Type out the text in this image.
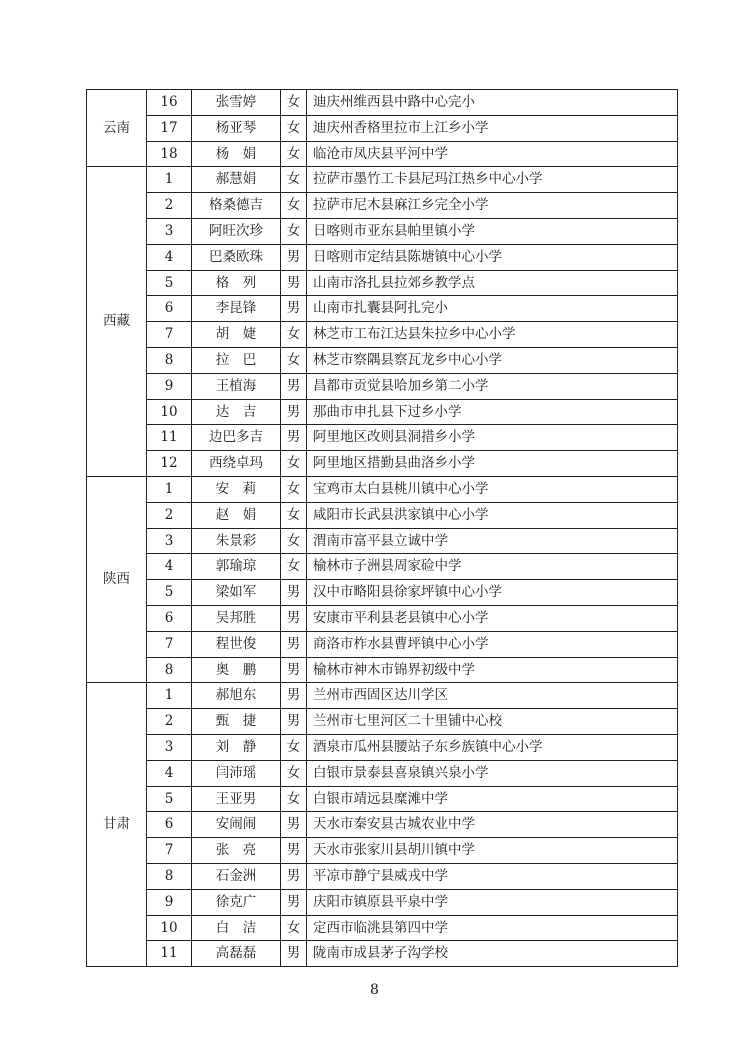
云南	16	张雪婷	女	迪庆州维西县中路中心完小
	17	杨亚琴	女	迪庆州香格里拉市上江乡小学
	18	杨　娟	女	临沧市凤庆县平河中学
西藏	1	郝慧娟	女	拉萨市墨竹工卡县尼玛江热乡中心小学
	2	格桑德吉	女	拉萨市尼木县麻江乡完全小学
	3	阿旺次珍	女	日喀则市亚东县帕里镇小学
	4	巴桑欧珠	男	日喀则市定结县陈塘镇中心小学
	5	格　列	男	山南市洛扎县拉郊乡教学点
	6	李昆锋	男	山南市扎囊县阿扎完小
	7	胡　婕	女	林芝市工布江达县朱拉乡中心小学
	8	拉　巴	女	林芝市察隅县察瓦龙乡中心小学
	9	王植海	男	昌都市贡觉县哈加乡第二小学
	10	达　吉	男	那曲市申扎县下过乡小学
	11	边巴多吉	男	阿里地区改则县洞措乡小学
	12	西绕卓玛	女	阿里地区措勤县曲洛乡小学
陕西	1	安　莉	女	宝鸡市太白县桃川镇中心小学
	2	赵　娟	女	咸阳市长武县洪家镇中心小学
	3	朱景彩	女	渭南市富平县立诚中学
	4	郭瑜琼	女	榆林市子洲县周家硷中学
	5	梁如军	男	汉中市略阳县徐家坪镇中心小学
	6	吴邦胜	男	安康市平利县老县镇中心小学
	7	程世俊	男	商洛市柞水县曹坪镇中心小学
	8	奥　鹏	男	榆林市神木市锦界初级中学
甘肃	1	郝旭东	男	兰州市西固区达川学区
	2	甄　捷	男	兰州市七里河区二十里铺中心校
	3	刘　静	女	酒泉市瓜州县腰站子东乡族镇中心小学
	4	闫沛瑶	女	白银市景泰县喜泉镇兴泉小学
	5	王亚男	女	白银市靖远县糜滩中学
	6	安闹闹	男	天水市秦安县古城农业中学
	7	张　亮	男	天水市张家川县胡川镇中学
	8	石金洲	男	平凉市静宁县威戎中学
	9	徐克广	男	庆阳市镇原县平泉中学
	10	白　洁	女	定西市临洮县第四中学
	11	高磊磊	男	陇南市成县茅子沟学校
8
